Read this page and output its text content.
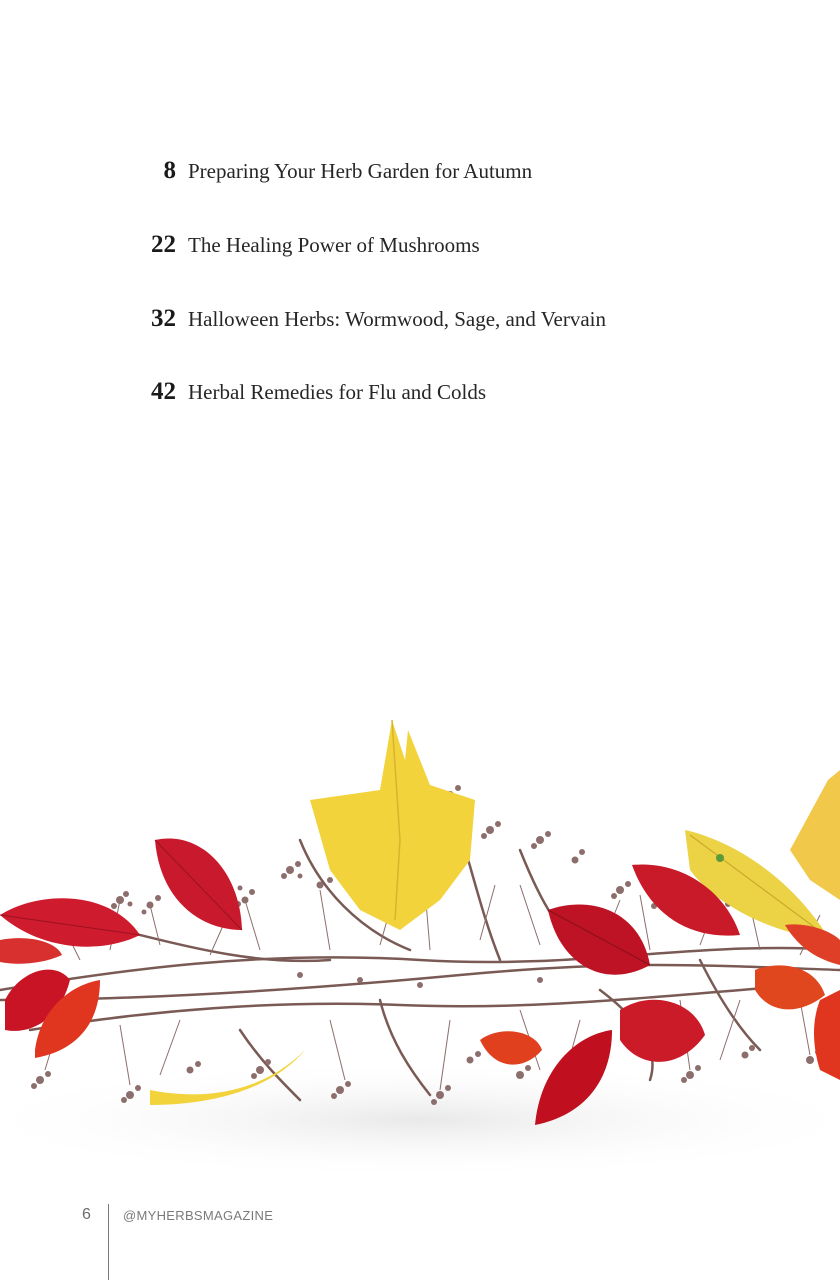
8 Preparing Your Herb Garden for Autumn
22 The Healing Power of Mushrooms
32 Halloween Herbs: Wormwood, Sage, and Vervain
42 Herbal Remedies for Flu and Colds
6 @MYHERBSMAGAZINE
